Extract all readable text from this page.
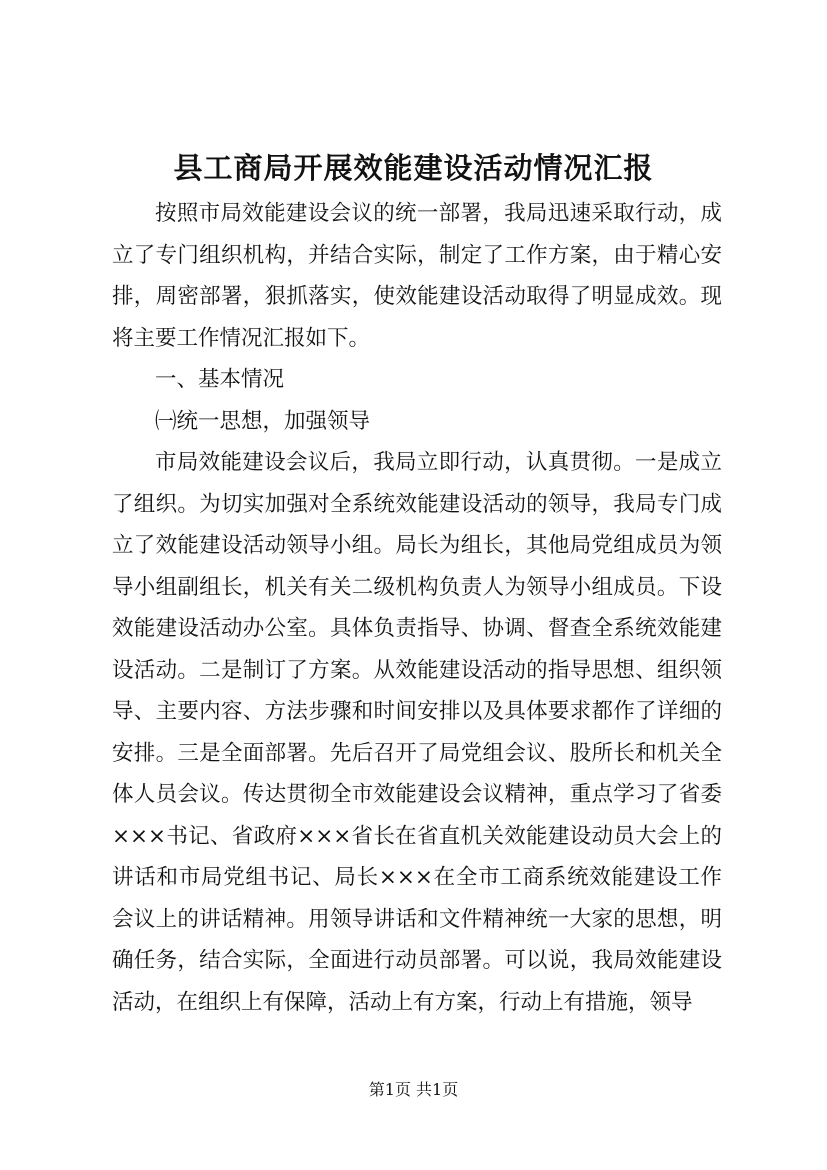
县工商局开展效能建设活动情况汇报

按照市局效能建设会议的统一部署，我局迅速采取行动，成立了专门组织机构，并结合实际，制定了工作方案，由于精心安排，周密部署，狠抓落实，使效能建设活动取得了明显成效。现将主要工作情况汇报如下。

一、基本情况

㈠统一思想，加强领导

市局效能建设会议后，我局立即行动，认真贯彻。一是成立了组织。为切实加强对全系统效能建设活动的领导，我局专门成立了效能建设活动领导小组。局长为组长，其他局党组成员为领导小组副组长，机关有关二级机构负责人为领导小组成员。下设效能建设活动办公室。具体负责指导、协调、督查全系统效能建设活动。二是制订了方案。从效能建设活动的指导思想、组织领导、主要内容、方法步骤和时间安排以及具体要求都作了详细的安排。三是全面部署。先后召开了局党组会议、股所长和机关全体人员会议。传达贯彻全市效能建设会议精神，重点学习了省委×××书记、省政府×××省长在省直机关效能建设动员大会上的讲话和市局党组书记、局长×××在全市工商系统效能建设工作会议上的讲话精神。用领导讲话和文件精神统一大家的思想，明确任务，结合实际，全面进行动员部署。可以说，我局效能建设活动，在组织上有保障，活动上有方案，行动上有措施，领导

第1页 共1页
